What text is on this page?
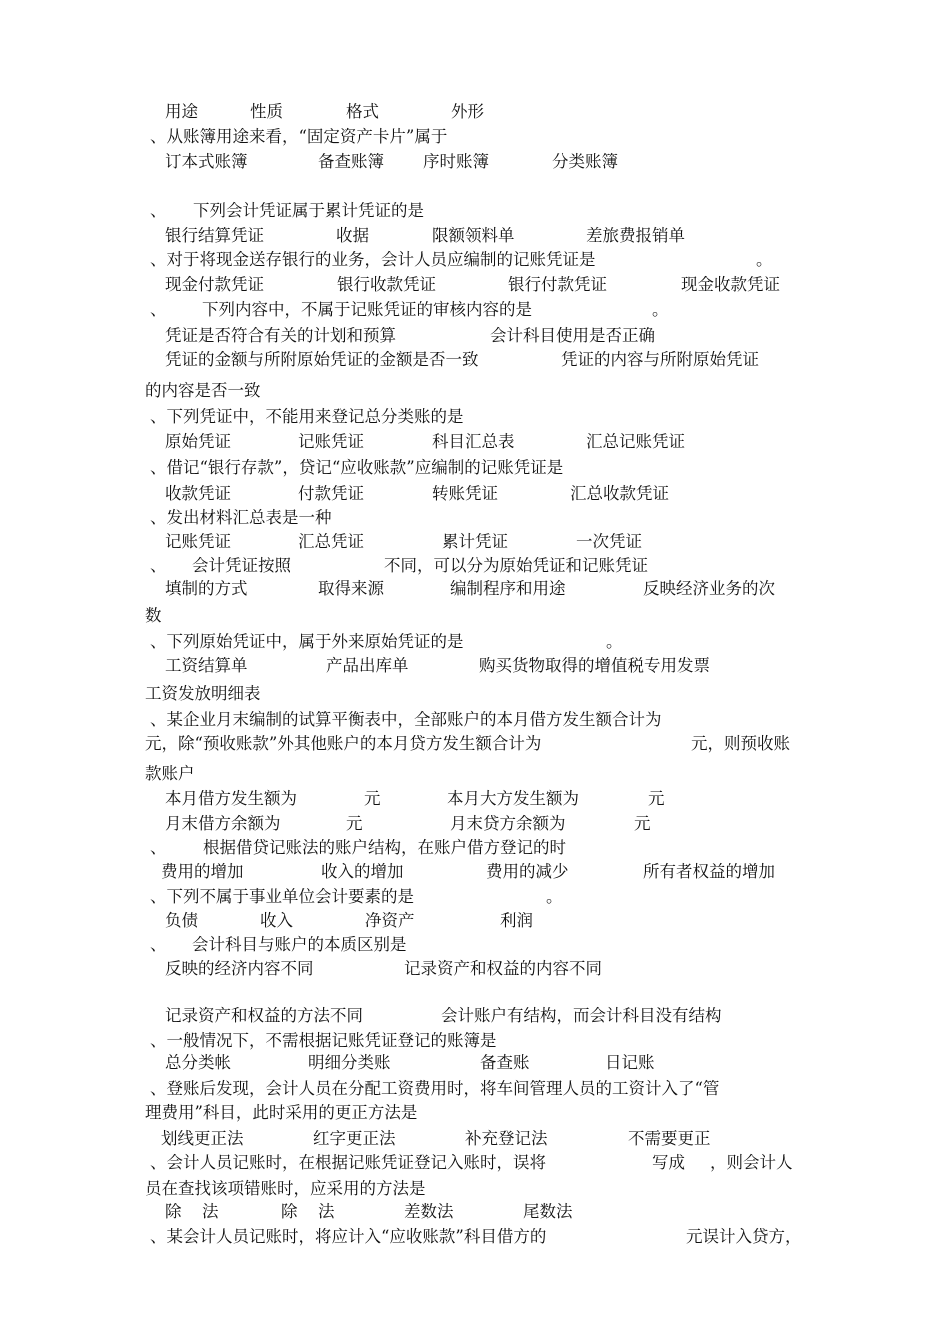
用途	性质	格式	外形
、从账簿用途来看，“固定资产卡片”属于
订本式账簿	备查账簿 序时账簿	分类账簿
、 下列会计凭证属于累计凭证的是
银行结算凭证	收据	限额领料单	差旅费报销单
、对于将现金送存银行的业务，会计人员应编制的记账凭证是	。
现金付款凭证	银行收款凭证	银行付款凭证	现金收款凭证
、 下列内容中，不属于记账凭证的审核内容的是	。
凭证是否符合有关的计划和预算	会计科目使用是否正确
凭证的金额与所附原始凭证的金额是否一致	凭证的内容与所附原始凭证
的内容是否一致
、下列凭证中，不能用来登记总分类账的是
原始凭证	记账凭证	科目汇总表	汇总记账凭证
、借记“银行存款”，贷记“应收账款”应编制的记账凭证是
收款凭证	付款凭证	转账凭证	汇总收款凭证
、发出材料汇总表是一种
记账凭证	汇总凭证	累计凭证	一次凭证
、 会计凭证按照	不同，可以分为原始凭证和记账凭证
填制的方式	取得来源	编制程序和用途	反映经济业务的次
数
、下列原始凭证中，属于外来原始凭证的是	。
工资结算单	产品出库单	购买货物取得的增值税专用发票
工资发放明细表
、某企业月末编制的试算平衡表中，全部账户的本月借方发生额合计为
元，除“预收账款”外其他账户的本月贷方发生额合计为	元，则预收账
款账户
本月借方发生额为	元	本月大方发生额为	元
月末借方余额为	元	月末贷方余额为	元
、 根据借贷记账法的账户结构，在账户借方登记的时
费用的增加	收入的增加	费用的减少	所有者权益的增加
、下列不属于事业单位会计要素的是	。
负债	收入	净资产	利润
、 会计科目与账户的本质区别是
反映的经济内容不同	记录资产和权益的内容不同
记录资产和权益的方法不同	会计账户有结构，而会计科目没有结构
、一般情况下，不需根据记账凭证登记的账簿是
总分类帐	明细分类账	备查账	日记账
、登账后发现，会计人员在分配工资费用时，将车间管理人员的工资计入了“管
理费用”科目，此时采用的更正方法是
划线更正法	红字更正法	补充登记法	不需要更正
、会计人员记账时，在根据记账凭证登记入账时，误将	写成 ，则会计人
员在查找该项错账时，应采用的方法是
除 法	除 法	差数法	尾数法
、某会计人员记账时，将应计入“应收账款”科目借方的	元误计入贷方，
